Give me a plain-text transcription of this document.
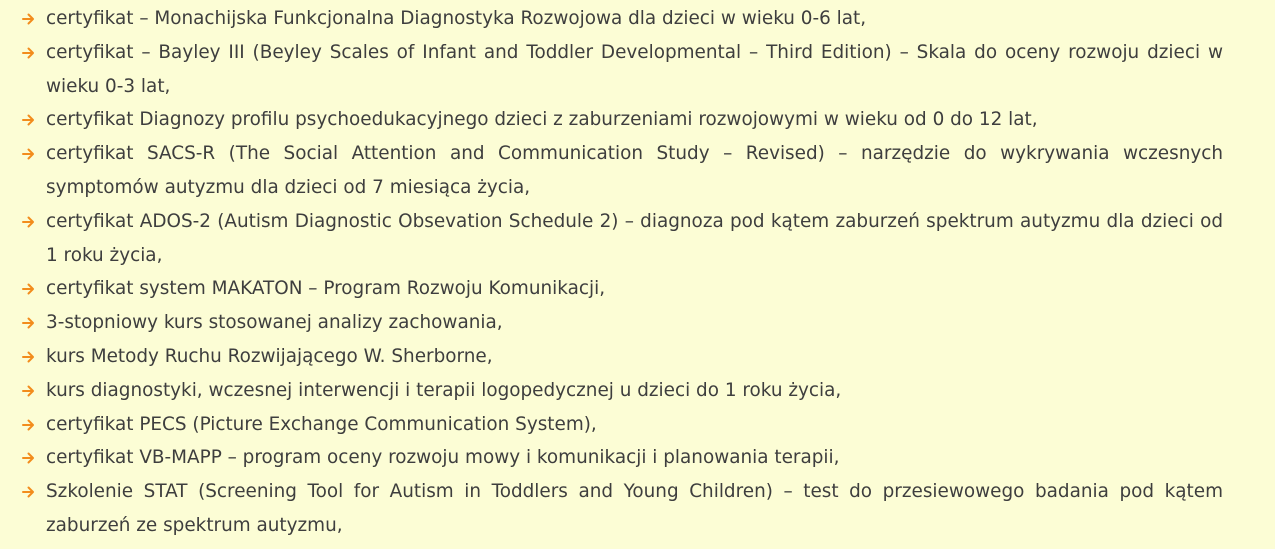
certyfikat – Monachijska Funkcjonalna Diagnostyka Rozwojowa dla dzieci w wieku 0-6 lat,
certyfikat – Bayley III (Beyley Scales of Infant and Toddler Developmental – Third Edition) – Skala do oceny rozwoju dzieci w wieku 0-3 lat,
certyfikat Diagnozy profilu psychoedukacyjnego dzieci z zaburzeniami rozwojowymi w wieku od 0 do 12 lat,
certyfikat SACS-R (The Social Attention and Communication Study – Revised) – narzędzie do wykrywania wczesnych symptomów autyzmu dla dzieci od 7 miesiąca życia,
certyfikat ADOS-2 (Autism Diagnostic Obsevation Schedule 2) – diagnoza pod kątem zaburzeń spektrum autyzmu dla dzieci od 1 roku życia,
certyfikat system MAKATON – Program Rozwoju Komunikacji,
3-stopniowy kurs stosowanej analizy zachowania,
kurs Metody Ruchu Rozwijającego W. Sherborne,
kurs diagnostyki, wczesnej interwencji i terapii logopedycznej u dzieci do 1 roku życia,
certyfikat PECS (Picture Exchange Communication System),
certyfikat VB-MAPP – program oceny rozwoju mowy i komunikacji i planowania terapii,
Szkolenie STAT (Screening Tool for Autism in Toddlers and Young Children) – test do przesiewowego badania pod kątem zaburzeń ze spektrum autyzmu,
